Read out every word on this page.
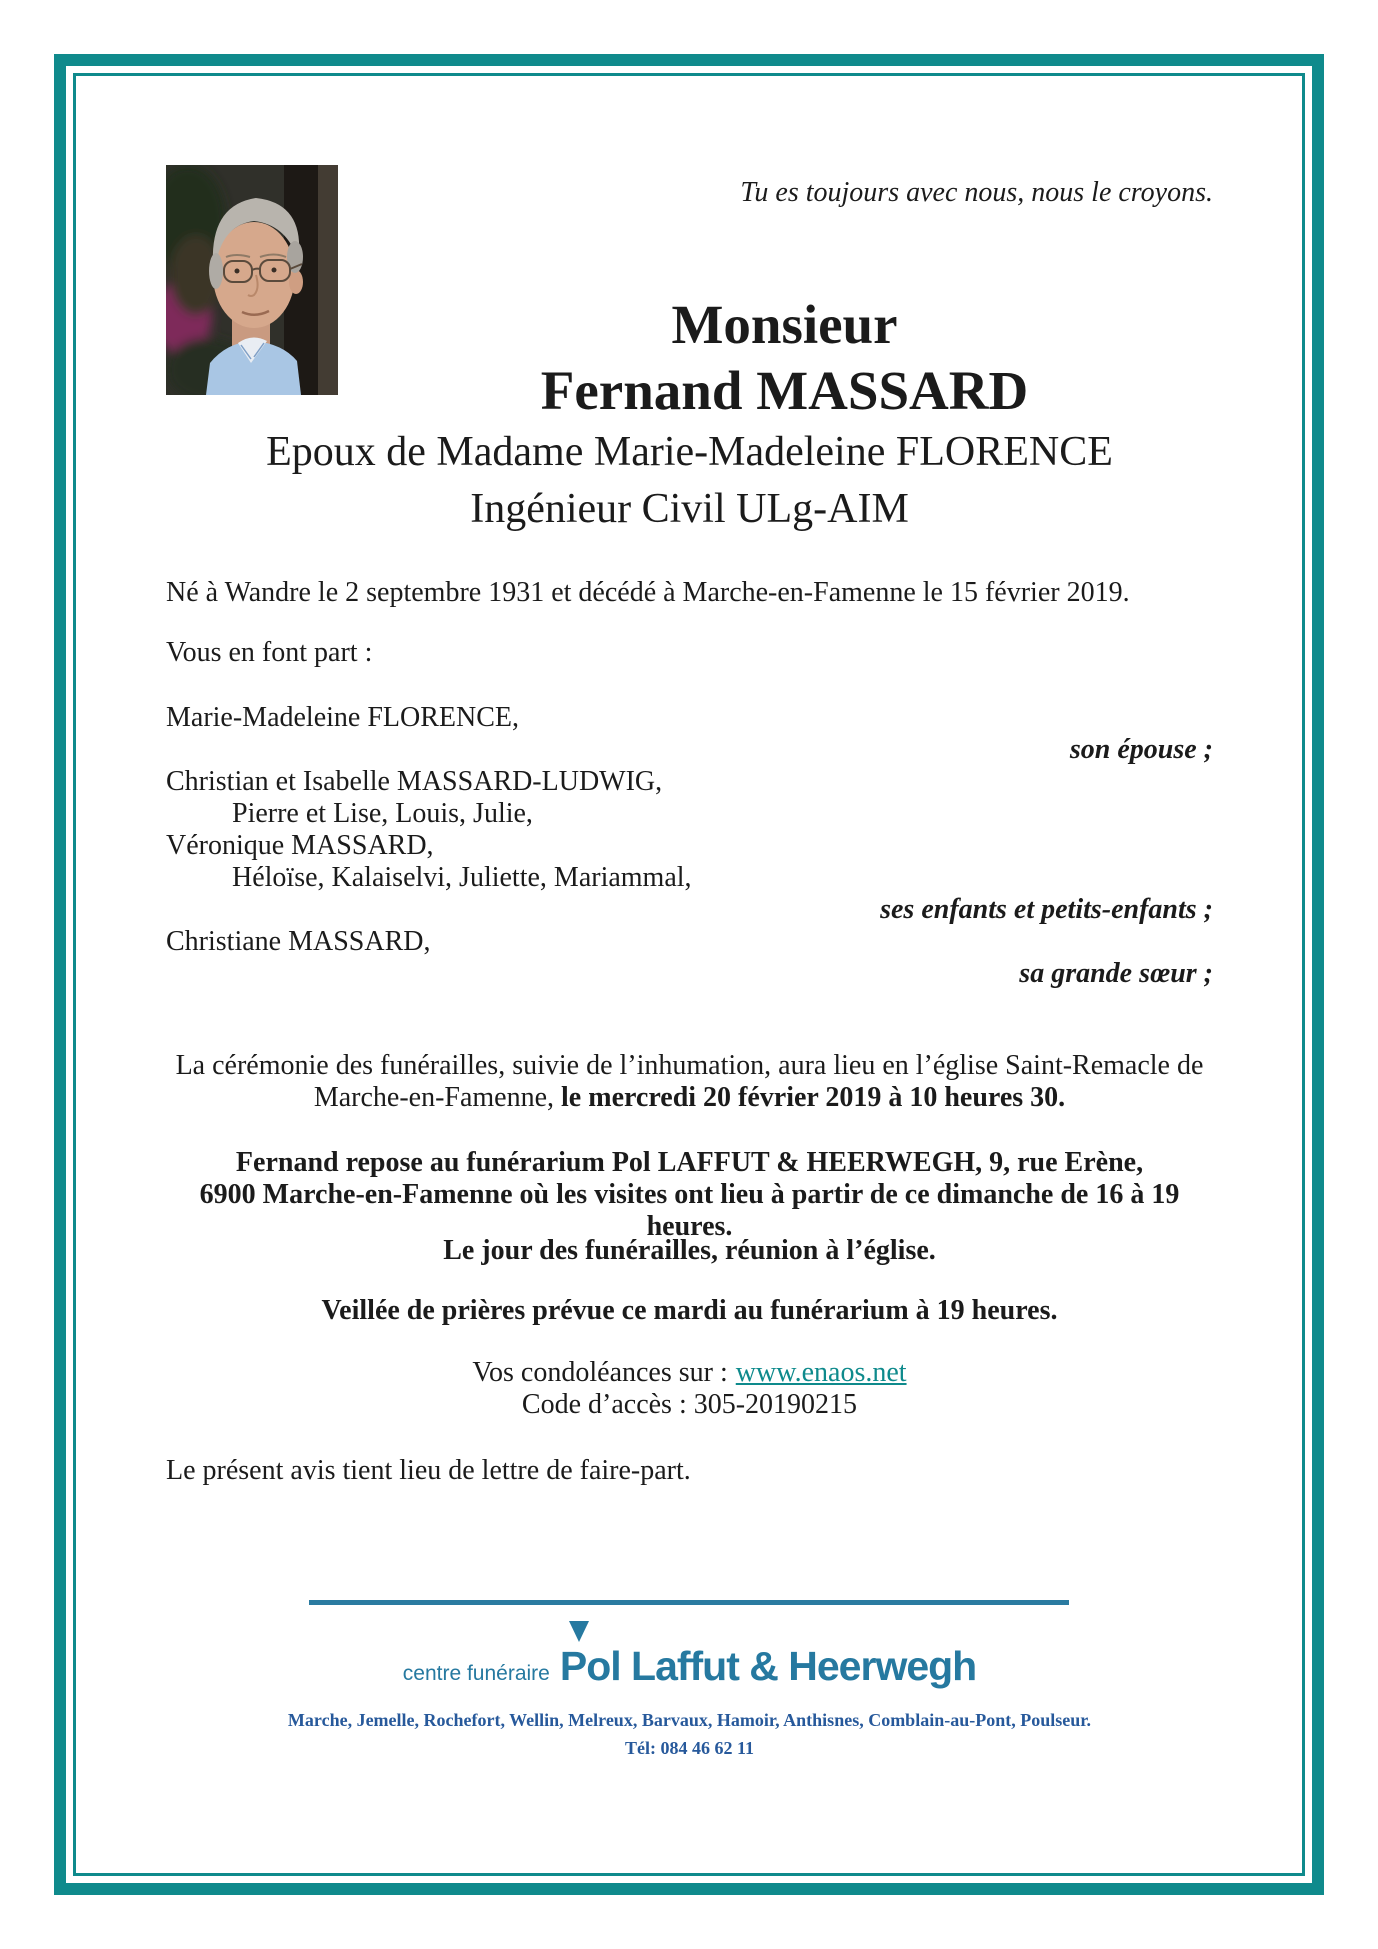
Tu es toujours avec nous, nous le croyons.
Monsieur
Fernand MASSARD
Epoux de Madame Marie-Madeleine FLORENCE
Ingénieur Civil ULg-AIM
Né à Wandre le 2 septembre 1931 et décédé à Marche-en-Famenne le 15 février 2019.
Vous en font part :
Marie-Madeleine FLORENCE,
son épouse ;
Christian et Isabelle MASSARD-LUDWIG,
Pierre et Lise, Louis, Julie,
Véronique MASSARD,
Héloïse, Kalaiselvi, Juliette, Mariammal,
ses enfants et petits-enfants ;
Christiane MASSARD,
sa grande sœur ;
La cérémonie des funérailles, suivie de l’inhumation, aura lieu en l’église Saint-Remacle de
Marche-en-Famenne, le mercredi 20 février 2019 à 10 heures 30.
Fernand repose au funérarium Pol LAFFUT & HEERWEGH, 9, rue Erène,
6900 Marche-en-Famenne où les visites ont lieu à partir de ce dimanche de 16 à 19 heures.
Le jour des funérailles, réunion à l’église.
Veillée de prières prévue ce mardi au funérarium à 19 heures.
Vos condoléances sur : www.enaos.net
Code d’accès : 305-20190215
Le présent avis tient lieu de lettre de faire-part.
centre funéraire Pol Laffut & Heerwegh
Marche, Jemelle, Rochefort, Wellin, Melreux, Barvaux, Hamoir, Anthisnes, Comblain-au-Pont, Poulseur.
Tél: 084 46 62 11
